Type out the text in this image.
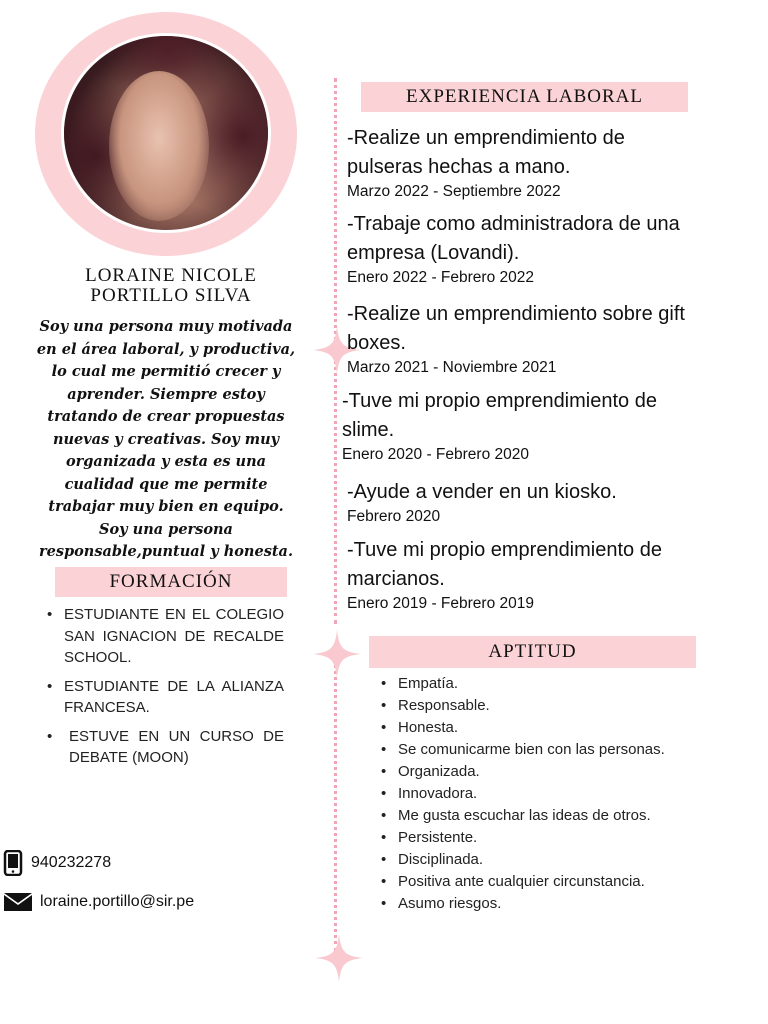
LORAINE NICOLE PORTILLO SILVA
Soy una persona muy motivada en el área laboral, y productiva, lo cual me permitió crecer y aprender. Siempre estoy tratando de crear propuestas nuevas y creativas. Soy muy organizada y esta es una cualidad que me permite trabajar muy bien en equipo. Soy una persona responsable,puntual y honesta.
FORMACIÓN
• ESTUDIANTE EN EL COLEGIO SAN IGNACION DE RECALDE SCHOOL.
• ESTUDIANTE DE LA ALIANZA FRANCESA.
• ESTUVE EN UN CURSO DE DEBATE (MOON)
940232278
loraine.portillo@sir.pe
EXPERIENCIA LABORAL
-Realize un emprendimiento de pulseras hechas a mano.
Marzo 2022 - Septiembre 2022
-Trabaje como administradora de una empresa (Lovandi).
Enero 2022 - Febrero 2022
-Realize un emprendimiento sobre gift boxes.
Marzo 2021 - Noviembre 2021
-Tuve mi propio emprendimiento de slime.
Enero 2020 - Febrero 2020
-Ayude a vender en un kiosko.
Febrero 2020
-Tuve mi propio emprendimiento de marcianos.
Enero 2019 - Febrero 2019
APTITUD
• Empatía.
• Responsable.
• Honesta.
• Se comunicarme bien con las personas.
• Organizada.
• Innovadora.
• Me gusta escuchar las ideas de otros.
• Persistente.
• Disciplinada.
• Positiva ante cualquier circunstancia.
• Asumo riesgos.
